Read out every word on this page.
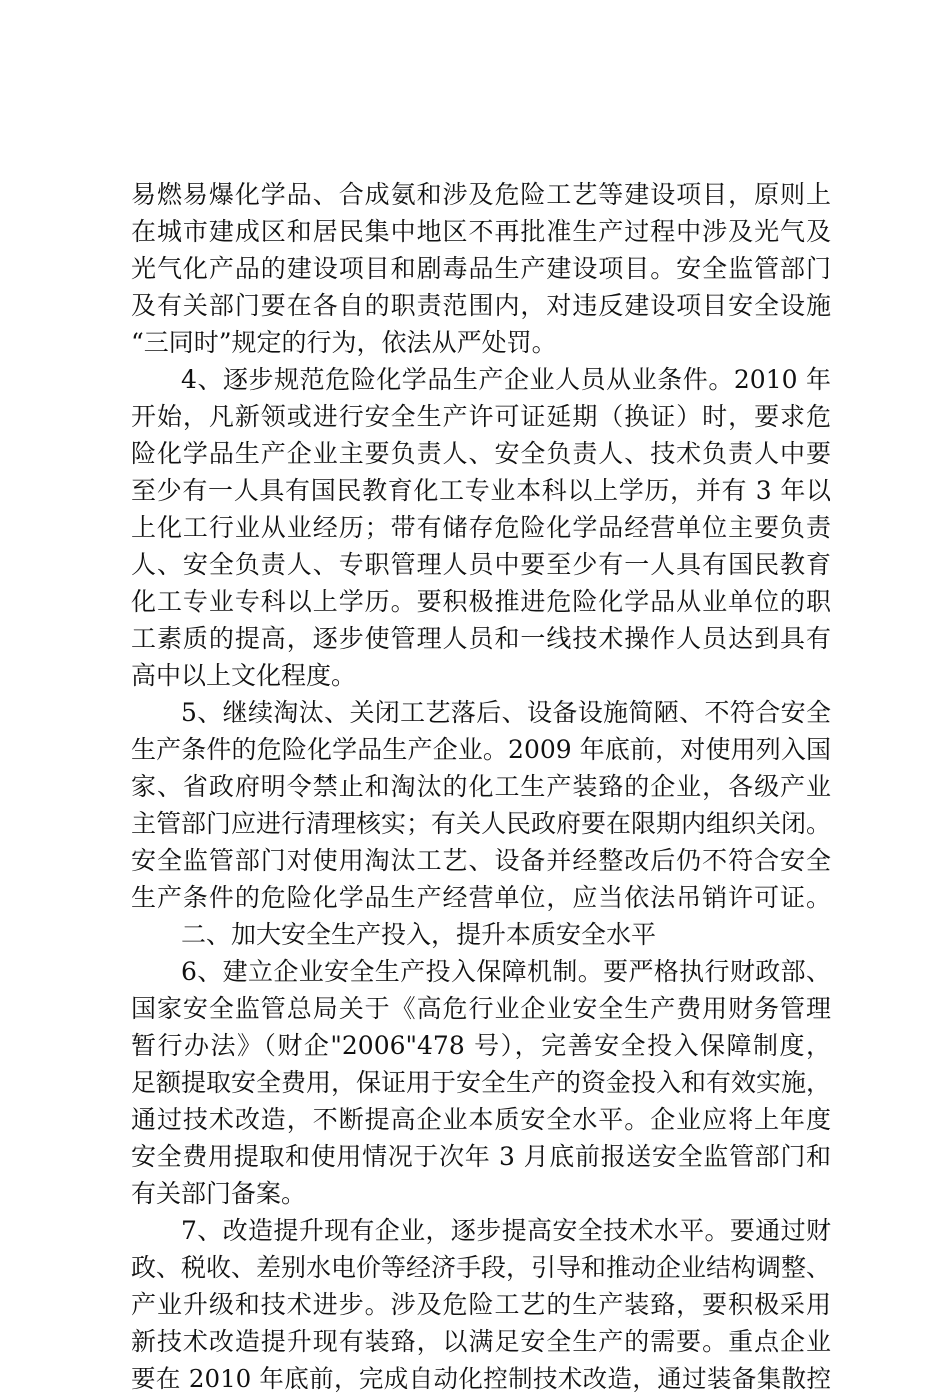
易燃易爆化学品、合成氨和涉及危险工艺等建设项目，原则上
在城市建成区和居民集中地区不再批准生产过程中涉及光气及
光气化产品的建设项目和剧毒品生产建设项目。安全监管部门
及有关部门要在各自的职责范围内，对违反建设项目安全设施
“三同时”规定的行为，依法从严处罚。
4、逐步规范危险化学品生产企业人员从业条件。2010 年
开始，凡新领或进行安全生产许可证延期（换证）时，要求危
险化学品生产企业主要负责人、安全负责人、技术负责人中要
至少有一人具有国民教育化工专业本科以上学历，并有 3 年以
上化工行业从业经历；带有储存危险化学品经营单位主要负责
人、安全负责人、专职管理人员中要至少有一人具有国民教育
化工专业专科以上学历。要积极推进危险化学品从业单位的职
工素质的提高，逐步使管理人员和一线技术操作人员达到具有
高中以上文化程度。
5、继续淘汰、关闭工艺落后、设备设施简陋、不符合安全
生产条件的危险化学品生产企业。2009 年底前，对使用列入国
家、省政府明令禁止和淘汰的化工生产装臵的企业，各级产业
主管部门应进行清理核实；有关人民政府要在限期内组织关闭。
安全监管部门对使用淘汰工艺、设备并经整改后仍不符合安全
生产条件的危险化学品生产经营单位，应当依法吊销许可证。
二、加大安全生产投入，提升本质安全水平
6、建立企业安全生产投入保障机制。要严格执行财政部、
国家安全监管总局关于《高危行业企业安全生产费用财务管理
暂行办法》（财企"2006"478 号），完善安全投入保障制度，
足额提取安全费用，保证用于安全生产的资金投入和有效实施，
通过技术改造，不断提高企业本质安全水平。企业应将上年度
安全费用提取和使用情况于次年 3 月底前报送安全监管部门和
有关部门备案。
7、改造提升现有企业，逐步提高安全技术水平。要通过财
政、税收、差别水电价等经济手段，引导和推动企业结构调整、
产业升级和技术进步。涉及危险工艺的生产装臵，要积极采用
新技术改造提升现有装臵，以满足安全生产的需要。重点企业
要在 2010 年底前，完成自动化控制技术改造，通过装备集散控
